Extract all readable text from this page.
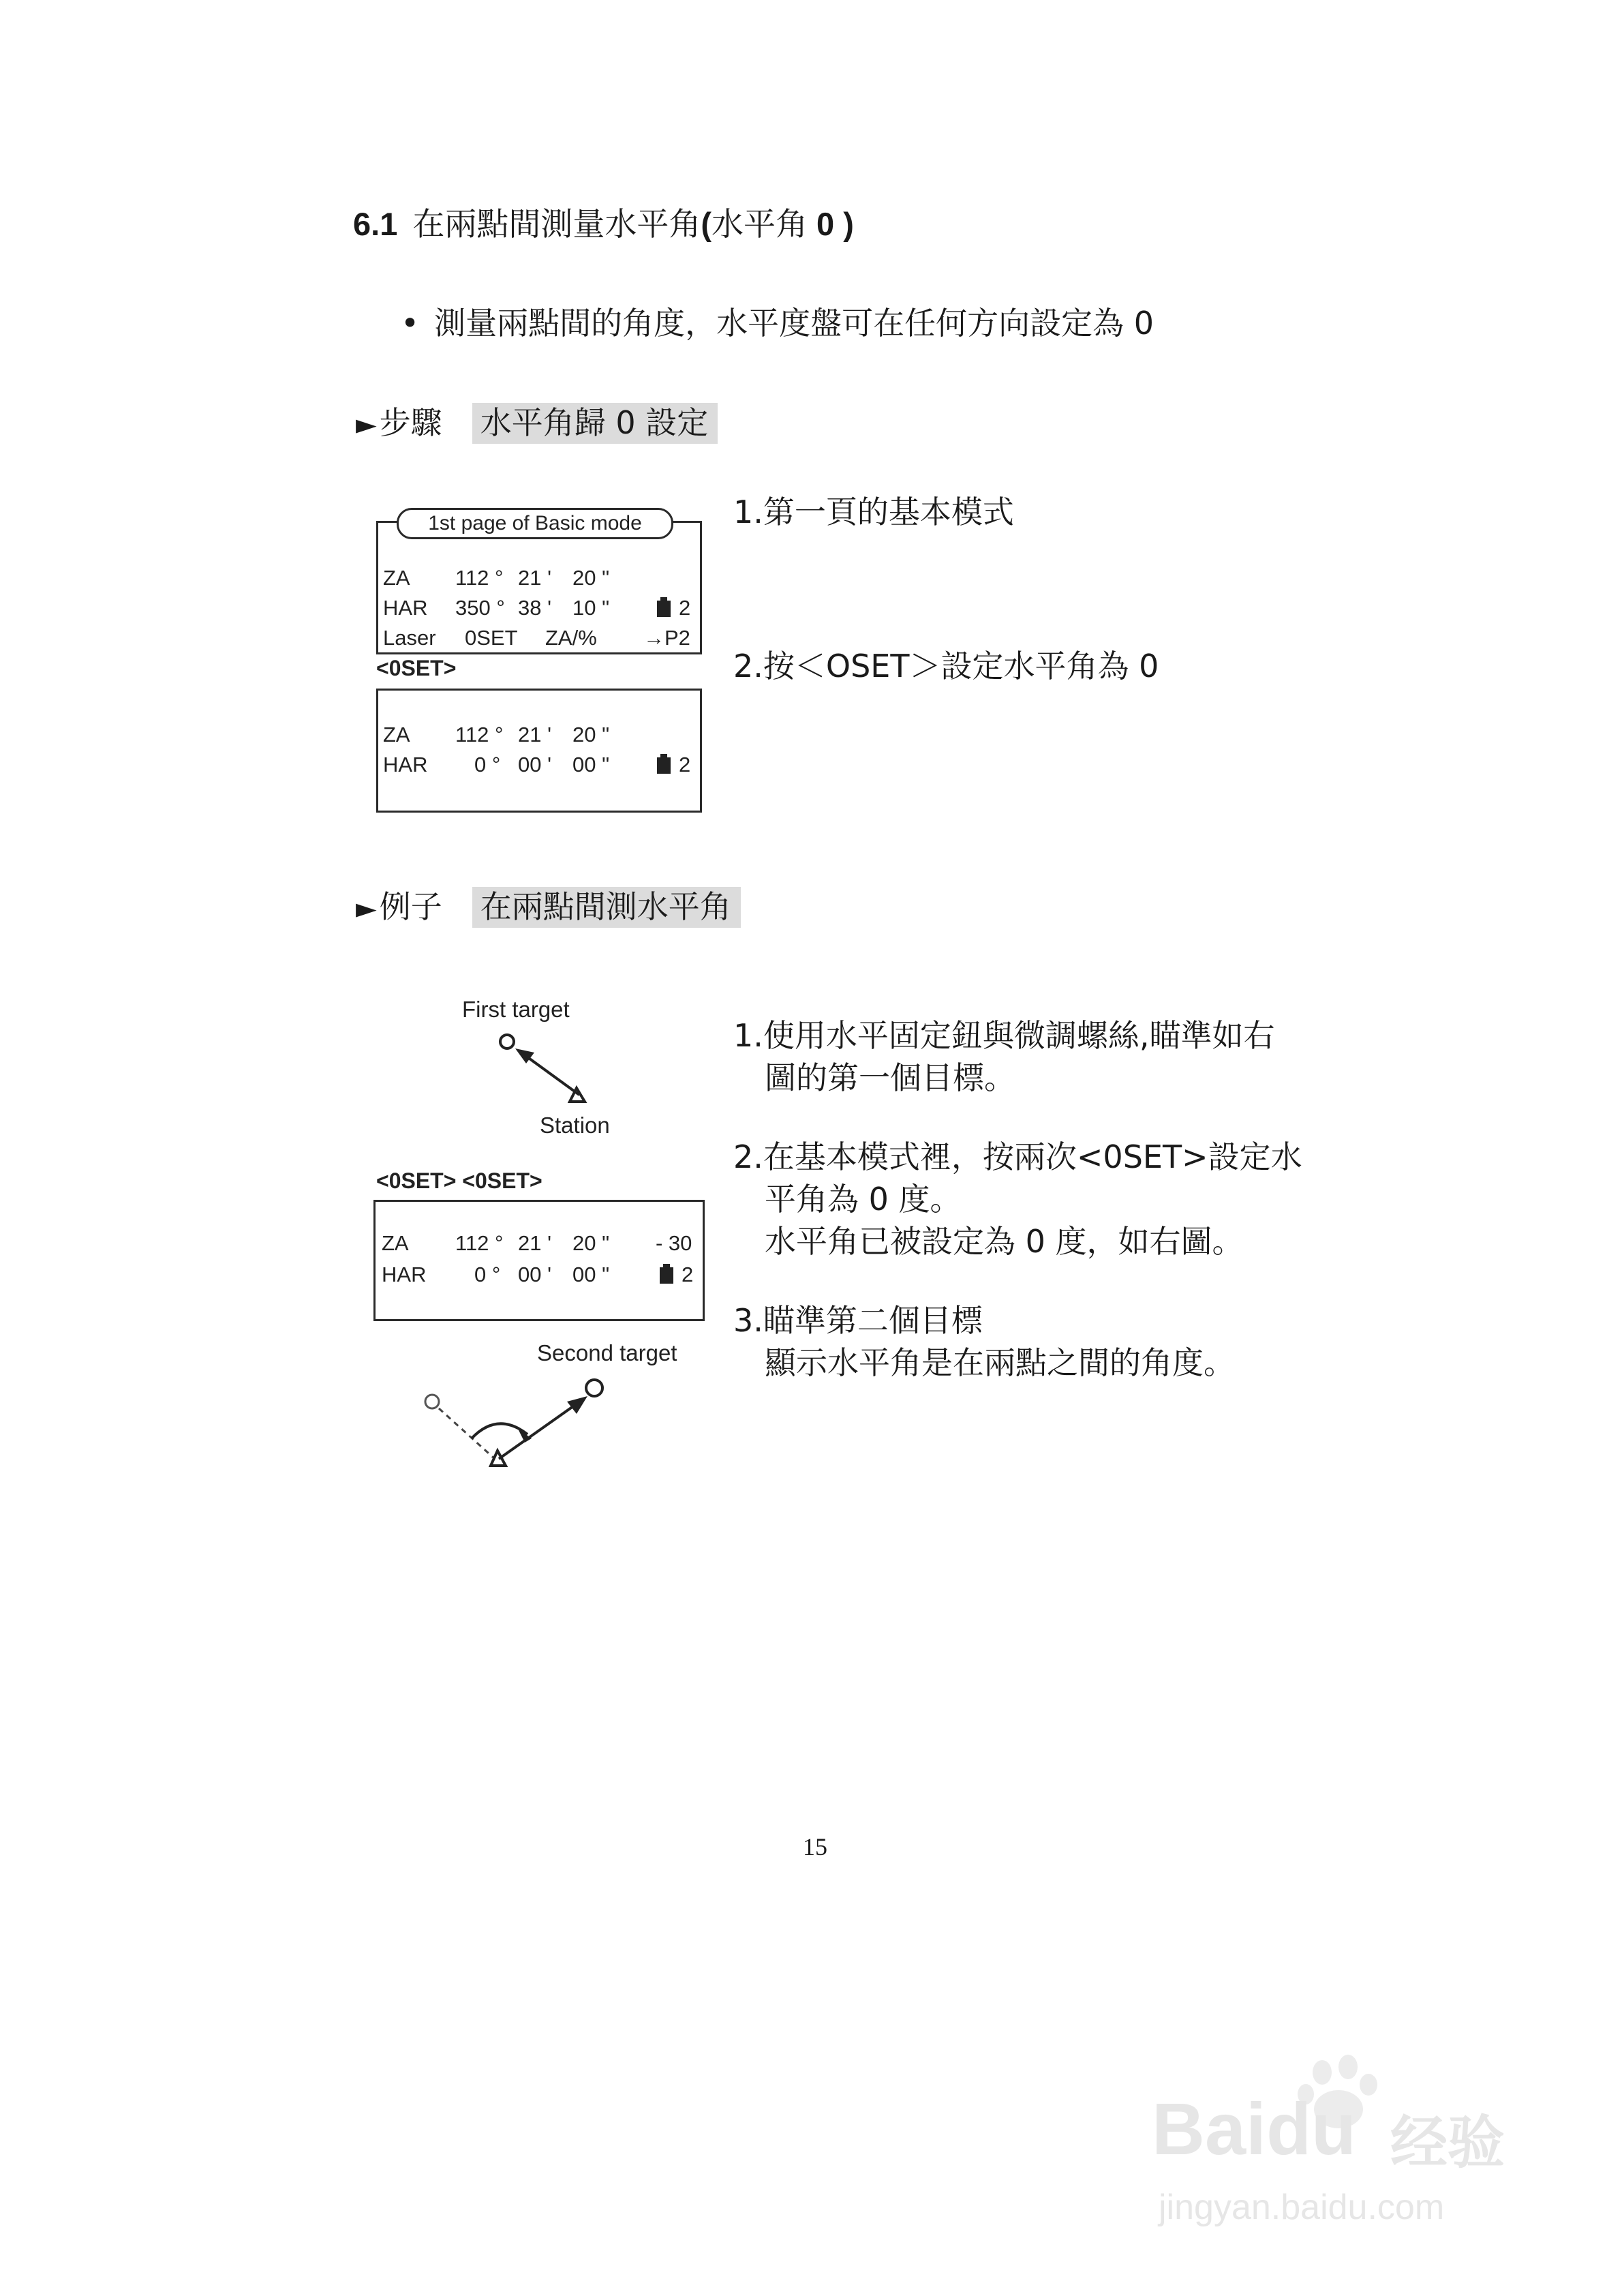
6.1 在兩點間測量水平角(水平角 0 )
• 測量兩點間的角度，水平度盤可在任何方向設定為 0
►步驟 水平角歸 0 設定
1st page of Basic mode
ZA 112 ° 21 ' 20 "
HAR 350 ° 38 ' 10 "	2
Laser 0SET ZA/% →P2
<0SET>
ZA 112 ° 21 ' 20 "
HAR 0 ° 00 ' 00 "	2
1.第一頁的基本模式
2.按＜OSET＞設定水平角為 0
►例子 在兩點間測水平角
First target
Station
<0SET> <0SET>
ZA 112 ° 21 ' 20 " - 30
HAR 0 ° 00 ' 00 "	2
Second target
1.使用水平固定鈕與微調螺絲,瞄準如右
圖的第一個目標。
2.在基本模式裡，按兩次<0SET>設定水
平角為 0 度。
水平角已被設定為 0 度，如右圖。
3.瞄準第二個目標
顯示水平角是在兩點之間的角度。
15
Baidu 经验
jingyan.baidu.com
